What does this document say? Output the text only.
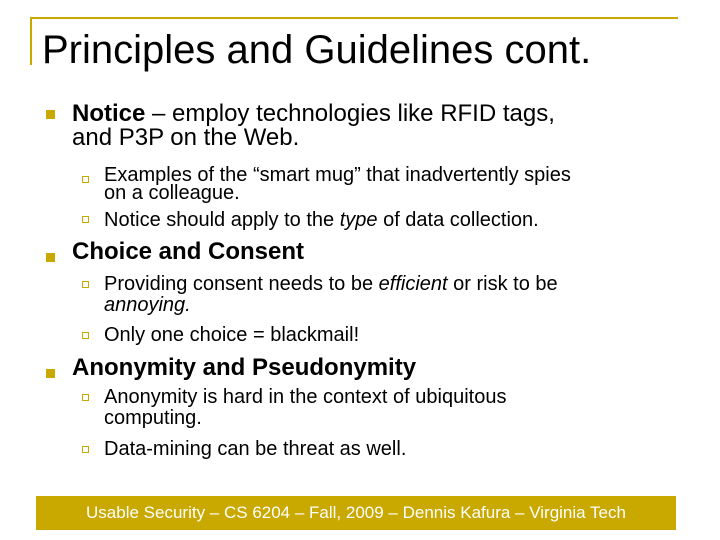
Principles and Guidelines cont.
Notice – employ technologies like RFID tags,
and P3P on the Web.
Examples of the “smart mug” that inadvertently spies
on a colleague.
Notice should apply to the type of data collection.
Choice and Consent
Providing consent needs to be efficient or risk to be
annoying.
Only one choice = blackmail!
Anonymity and Pseudonymity
Anonymity is hard in the context of ubiquitous
computing.
Data-mining can be threat as well.
Usable Security – CS 6204 – Fall, 2009 – Dennis Kafura – Virginia Tech
